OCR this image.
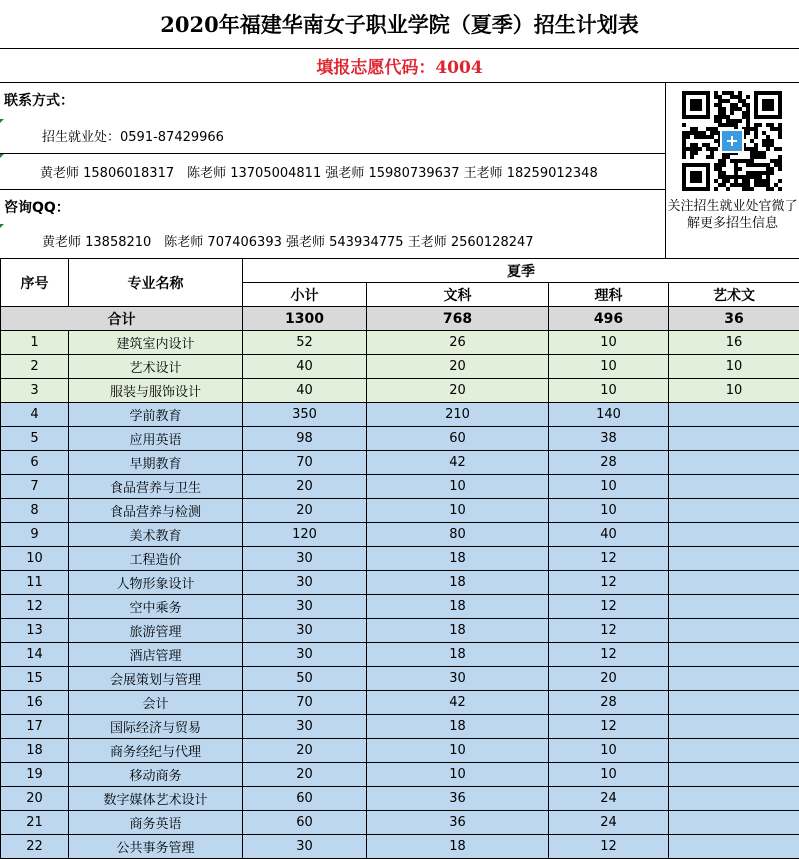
2020年福建华南女子职业学院（夏季）招生计划表
填报志愿代码：4004
联系方式：
招生就业处：0591-87429966
黄老师 15806018317　陈老师 13705004811 强老师 15980739637 王老师 18259012348
咨询QQ：
黄老师 13858210　陈老师 707406393 强老师 543934775 王老师 2560128247
关注招生就业处官微了解更多招生信息
序号	专业名称	夏季			
		小计	文科	理科	艺术文
合计		1300	768	496	36
1	建筑室内设计	52	26	10	16
2	艺术设计	40	20	10	10
3	服装与服饰设计	40	20	10	10
4	学前教育	350	210	140	
5	应用英语	98	60	38	
6	早期教育	70	42	28	
7	食品营养与卫生	20	10	10	
8	食品营养与检测	20	10	10	
9	美术教育	120	80	40	
10	工程造价	30	18	12	
11	人物形象设计	30	18	12	
12	空中乘务	30	18	12	
13	旅游管理	30	18	12	
14	酒店管理	30	18	12	
15	会展策划与管理	50	30	20	
16	会计	70	42	28	
17	国际经济与贸易	30	18	12	
18	商务经纪与代理	20	10	10	
19	移动商务	20	10	10	
20	数字媒体艺术设计	60	36	24	
21	商务英语	60	36	24	
22	公共事务管理	30	18	12	
